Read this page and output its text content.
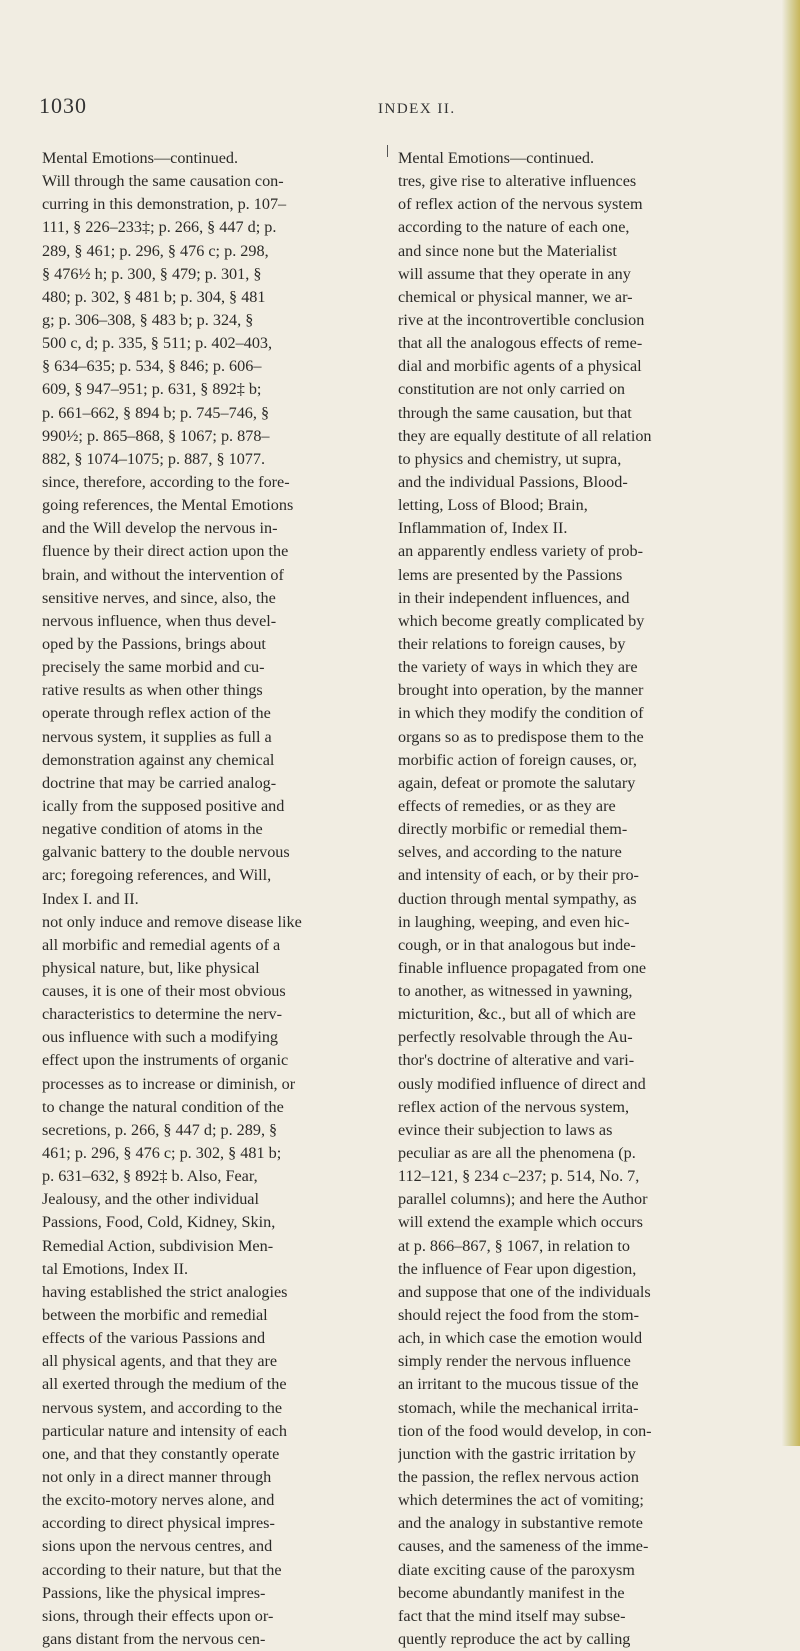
1030	INDEX II.
Mental Emotions—continued.
Will through the same causation con-
curring in this demonstration, p. 107–
111, § 226–233‡; p. 266, § 447 d; p.
289, § 461; p. 296, § 476 c; p. 298,
§ 476½ h; p. 300, § 479; p. 301, §
480; p. 302, § 481 b; p. 304, § 481
g; p. 306–308, § 483 b; p. 324, §
500 c, d; p. 335, § 511; p. 402–403,
§ 634–635; p. 534, § 846; p. 606–
609, § 947–951; p. 631, § 892‡ b;
p. 661–662, § 894 b; p. 745–746, §
990½; p. 865–868, § 1067; p. 878–
882, § 1074–1075; p. 887, § 1077.
since, therefore, according to the fore-
going references, the Mental Emotions
and the Will develop the nervous in-
fluence by their direct action upon the
brain, and without the intervention of
sensitive nerves, and since, also, the
nervous influence, when thus devel-
oped by the Passions, brings about
precisely the same morbid and cu-
rative results as when other things
operate through reflex action of the
nervous system, it supplies as full a
demonstration against any chemical
doctrine that may be carried analog-
ically from the supposed positive and
negative condition of atoms in the
galvanic battery to the double nervous
arc; foregoing references, and Will,
Index I. and II.
not only induce and remove disease like
all morbific and remedial agents of a
physical nature, but, like physical
causes, it is one of their most obvious
characteristics to determine the nerv-
ous influence with such a modifying
effect upon the instruments of organic
processes as to increase or diminish, or
to change the natural condition of the
secretions, p. 266, § 447 d; p. 289, §
461; p. 296, § 476 c; p. 302, § 481 b;
p. 631–632, § 892‡ b. Also, Fear,
Jealousy, and the other individual
Passions, Food, Cold, Kidney, Skin,
Remedial Action, subdivision Men-
tal Emotions, Index II.
having established the strict analogies
between the morbific and remedial
effects of the various Passions and
all physical agents, and that they are
all exerted through the medium of the
nervous system, and according to the
particular nature and intensity of each
one, and that they constantly operate
not only in a direct manner through
the excito-motory nerves alone, and
according to direct physical impres-
sions upon the nervous centres, and
according to their nature, but that the
Passions, like the physical impres-
sions, through their effects upon or-
gans distant from the nervous cen-
Mental Emotions—continued.
tres, give rise to alterative influences
of reflex action of the nervous system
according to the nature of each one,
and since none but the Materialist
will assume that they operate in any
chemical or physical manner, we ar-
rive at the incontrovertible conclusion
that all the analogous effects of reme-
dial and morbific agents of a physical
constitution are not only carried on
through the same causation, but that
they are equally destitute of all relation
to physics and chemistry, ut supra,
and the individual Passions, Blood-
letting, Loss of Blood; Brain,
Inflammation of, Index II.
an apparently endless variety of prob-
lems are presented by the Passions
in their independent influences, and
which become greatly complicated by
their relations to foreign causes, by
the variety of ways in which they are
brought into operation, by the manner
in which they modify the condition of
organs so as to predispose them to the
morbific action of foreign causes, or,
again, defeat or promote the salutary
effects of remedies, or as they are
directly morbific or remedial them-
selves, and according to the nature
and intensity of each, or by their pro-
duction through mental sympathy, as
in laughing, weeping, and even hic-
cough, or in that analogous but inde-
finable influence propagated from one
to another, as witnessed in yawning,
micturition, &c., but all of which are
perfectly resolvable through the Au-
thor's doctrine of alterative and vari-
ously modified influence of direct and
reflex action of the nervous system,
evince their subjection to laws as
peculiar as are all the phenomena (p.
112–121, § 234 c–237; p. 514, No. 7,
parallel columns); and here the Author
will extend the example which occurs
at p. 866–867, § 1067, in relation to
the influence of Fear upon digestion,
and suppose that one of the individuals
should reject the food from the stom-
ach, in which case the emotion would
simply render the nervous influence
an irritant to the mucous tissue of the
stomach, while the mechanical irrita-
tion of the food would develop, in con-
junction with the gastric irritation by
the passion, the reflex nervous action
which determines the act of vomiting;
and the analogy in substantive remote
causes, and the sameness of the imme-
diate exciting cause of the paroxysm
become abundantly manifest in the
fact that the mind itself may subse-
quently reproduce the act by calling
